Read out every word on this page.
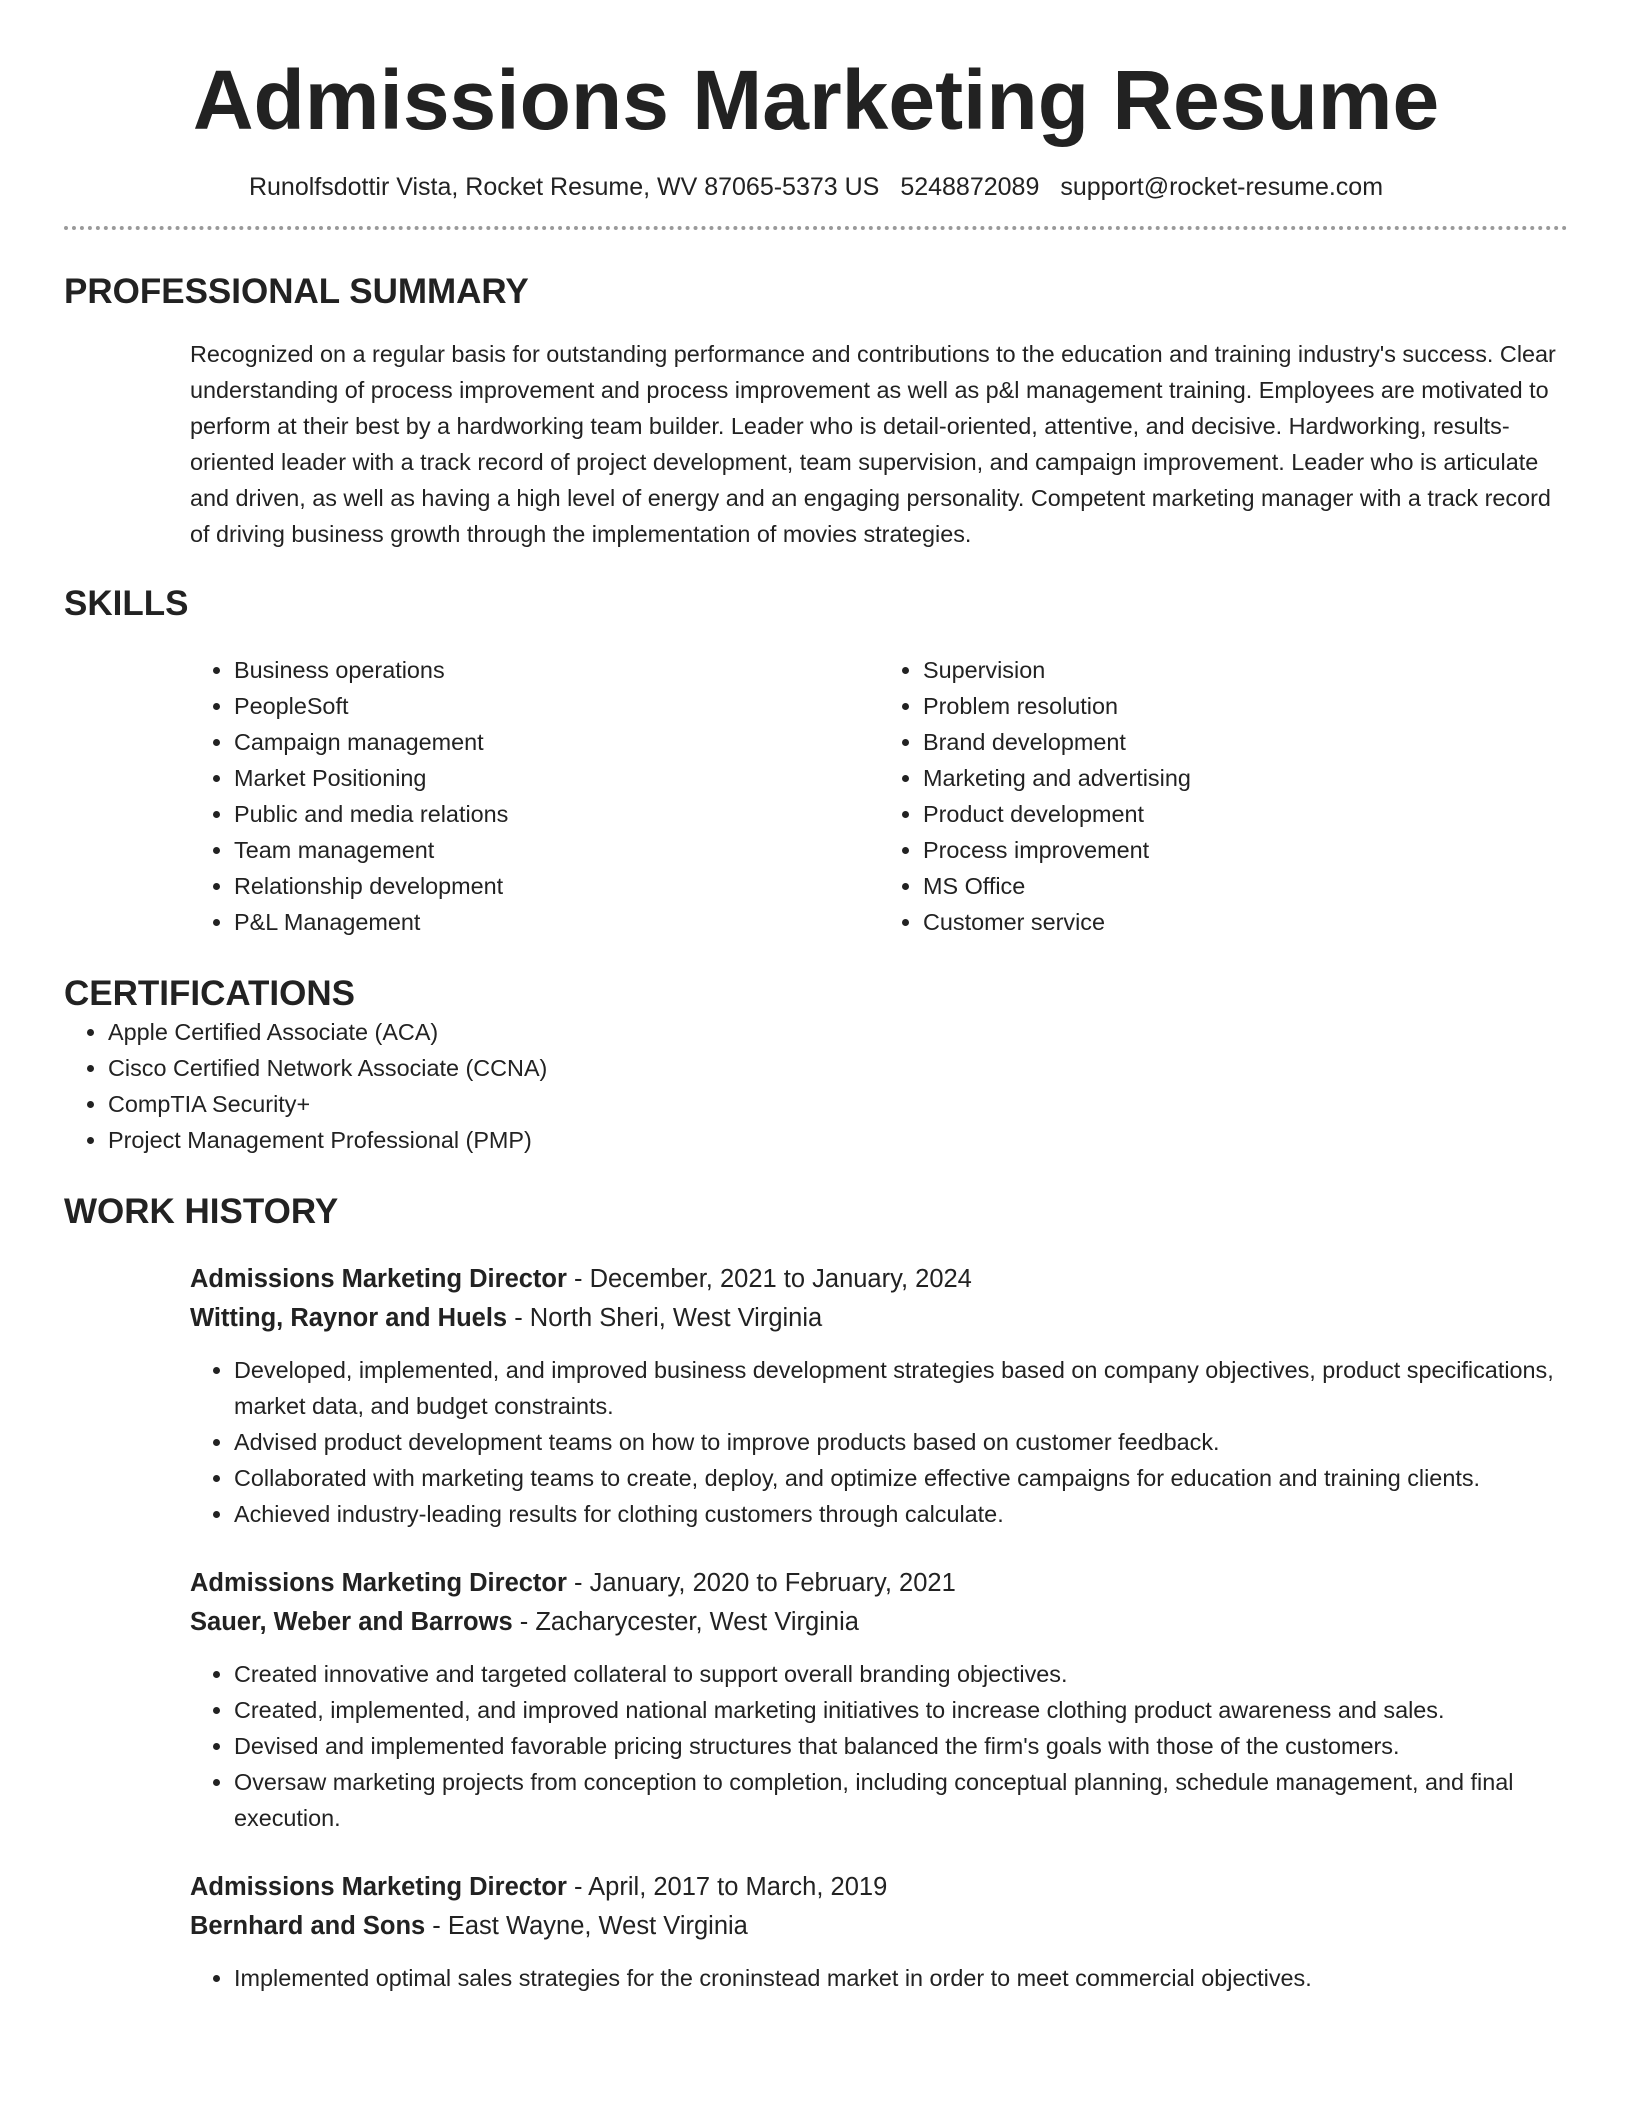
Admissions Marketing Resume
Runolfsdottir Vista, Rocket Resume, WV 87065-5373 US 5248872089 support@rocket-resume.com
PROFESSIONAL SUMMARY

Recognized on a regular basis for outstanding performance and contributions to the education and training industry's success. Clear understanding of process improvement and process improvement as well as p&l management training. Employees are motivated to perform at their best by a hardworking team builder. Leader who is detail-oriented, attentive, and decisive. Hardworking, results-oriented leader with a track record of project development, team supervision, and campaign improvement. Leader who is articulate and driven, as well as having a high level of energy and an engaging personality. Competent marketing manager with a track record of driving business growth through the implementation of movies strategies.

SKILLS
• Business operations
• PeopleSoft
• Campaign management
• Market Positioning
• Public and media relations
• Team management
• Relationship development
• P&L Management
• Supervision
• Problem resolution
• Brand development
• Marketing and advertising
• Product development
• Process improvement
• MS Office
• Customer service
CERTIFICATIONS
• Apple Certified Associate (ACA)
• Cisco Certified Network Associate (CCNA)
• CompTIA Security+
• Project Management Professional (PMP)
WORK HISTORY
Admissions Marketing Director - December, 2021 to January, 2024
Witting, Raynor and Huels - North Sheri, West Virginia
• Developed, implemented, and improved business development strategies based on company objectives, product specifications, market data, and budget constraints.
• Advised product development teams on how to improve products based on customer feedback.
• Collaborated with marketing teams to create, deploy, and optimize effective campaigns for education and training clients.
• Achieved industry-leading results for clothing customers through calculate.
Admissions Marketing Director - January, 2020 to February, 2021
Sauer, Weber and Barrows - Zacharycester, West Virginia
• Created innovative and targeted collateral to support overall branding objectives.
• Created, implemented, and improved national marketing initiatives to increase clothing product awareness and sales.
• Devised and implemented favorable pricing structures that balanced the firm's goals with those of the customers.
• Oversaw marketing projects from conception to completion, including conceptual planning, schedule management, and final execution.
Admissions Marketing Director - April, 2017 to March, 2019
Bernhard and Sons - East Wayne, West Virginia
• Implemented optimal sales strategies for the croninstead market in order to meet commercial objectives.
